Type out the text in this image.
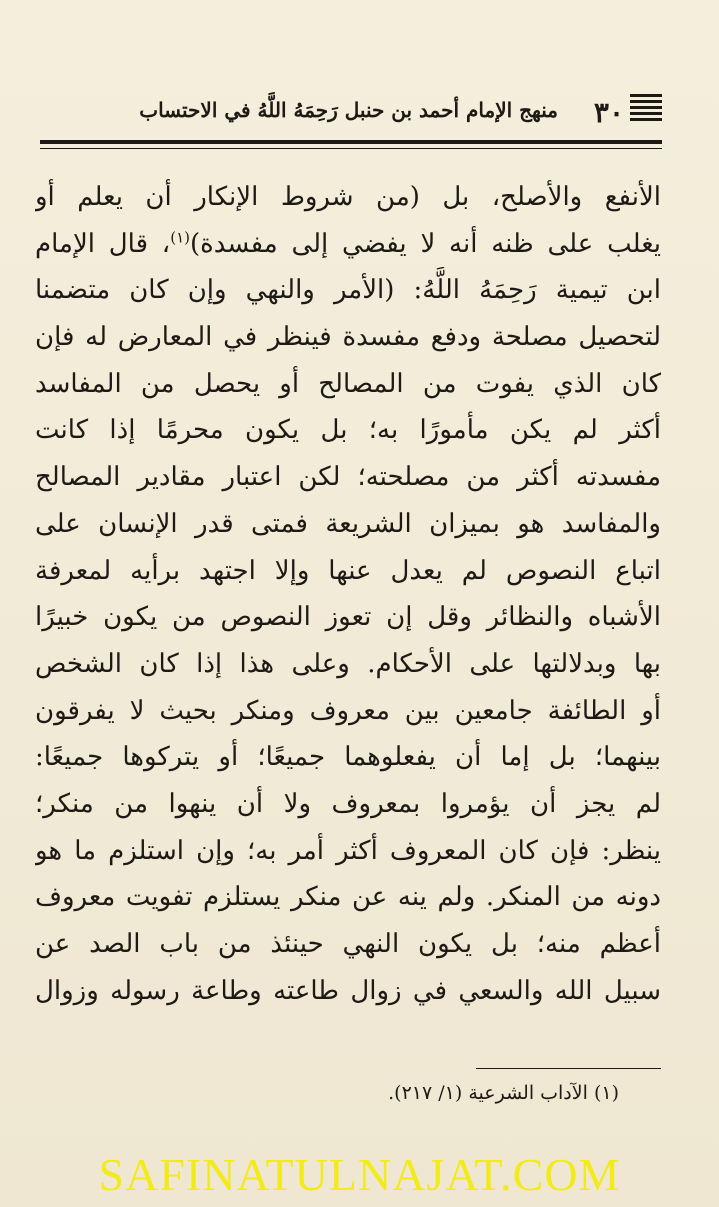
٣٠
منهج الإمام أحمد بن حنبل رَحِمَهُ اللَّهُ في الاحتساب
الأنفع والأصلح، بل (من شروط الإنكار أن يعلم أو
يغلب على ظنه أنه لا يفضي إلى مفسدة)$^{(١)}$، قال الإمام
ابن تيمية رَحِمَهُ اللَّهُ: (الأمر والنهي وإن كان متضمنا
لتحصيل مصلحة ودفع مفسدة فينظر في المعارض له فإن
كان الذي يفوت من المصالح أو يحصل من المفاسد
أكثر لم يكن مأمورًا به؛ بل يكون محرمًا إذا كانت
مفسدته أكثر من مصلحته؛ لكن اعتبار مقادير المصالح
والمفاسد هو بميزان الشريعة فمتى قدر الإنسان على
اتباع النصوص لم يعدل عنها وإلا اجتهد برأيه لمعرفة
الأشباه والنظائر وقل إن تعوز النصوص من يكون خبيرًا
بها وبدلالتها على الأحكام. وعلى هذا إذا كان الشخص
أو الطائفة جامعين بين معروف ومنكر بحيث لا يفرقون
بينهما؛ بل إما أن يفعلوهما جميعًا؛ أو يتركوها جميعًا:
لم يجز أن يؤمروا بمعروف ولا أن ينهوا من منكر؛
ينظر: فإن كان المعروف أكثر أمر به؛ وإن استلزم ما هو
دونه من المنكر. ولم ينه عن منكر يستلزم تفويت معروف
أعظم منه؛ بل يكون النهي حينئذ من باب الصد عن
سبيل الله والسعي في زوال طاعته وطاعة رسوله وزوال
(١) الآداب الشرعية (١/ ٢١٧).
SAFINATULNAJAT.COM
